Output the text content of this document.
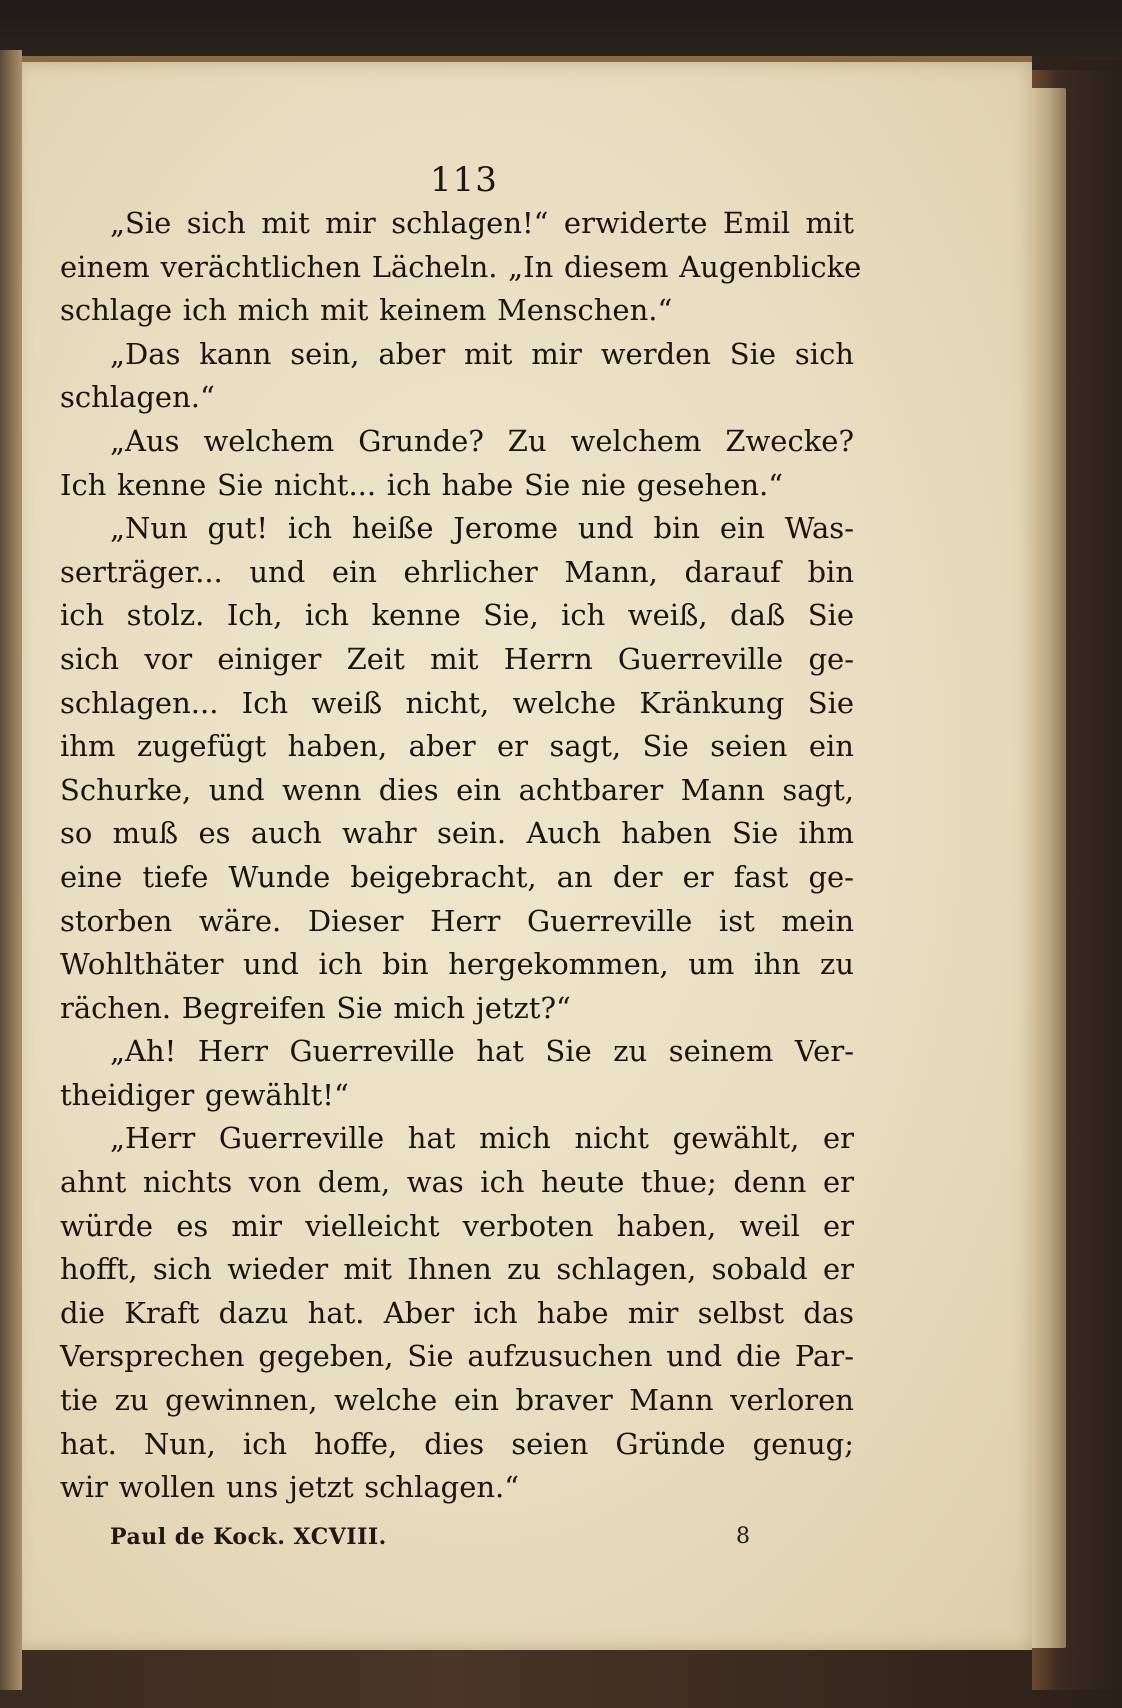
113
„Sie sich mit mir schlagen!“ erwiderte Emil mit
einem verächtlichen Lächeln. „In diesem Augenblicke
schlage ich mich mit keinem Menschen.“
„Das kann sein, aber mit mir werden Sie sich
schlagen.“
„Aus welchem Grunde? Zu welchem Zwecke?
Ich kenne Sie nicht... ich habe Sie nie gesehen.“
„Nun gut! ich heiße Jerome und bin ein Was-
serträger... und ein ehrlicher Mann, darauf bin
ich stolz. Ich, ich kenne Sie, ich weiß, daß Sie
sich vor einiger Zeit mit Herrn Guerreville ge-
schlagen... Ich weiß nicht, welche Kränkung Sie
ihm zugefügt haben, aber er sagt, Sie seien ein
Schurke, und wenn dies ein achtbarer Mann sagt,
so muß es auch wahr sein. Auch haben Sie ihm
eine tiefe Wunde beigebracht, an der er fast ge-
storben wäre. Dieser Herr Guerreville ist mein
Wohlthäter und ich bin hergekommen, um ihn zu
rächen. Begreifen Sie mich jetzt?“
„Ah! Herr Guerreville hat Sie zu seinem Ver-
theidiger gewählt!“
„Herr Guerreville hat mich nicht gewählt, er
ahnt nichts von dem, was ich heute thue; denn er
würde es mir vielleicht verboten haben, weil er
hofft, sich wieder mit Ihnen zu schlagen, sobald er
die Kraft dazu hat. Aber ich habe mir selbst das
Versprechen gegeben, Sie aufzusuchen und die Par-
tie zu gewinnen, welche ein braver Mann verloren
hat. Nun, ich hoffe, dies seien Gründe genug;
wir wollen uns jetzt schlagen.“
Paul de Kock. XCVIII.	8
